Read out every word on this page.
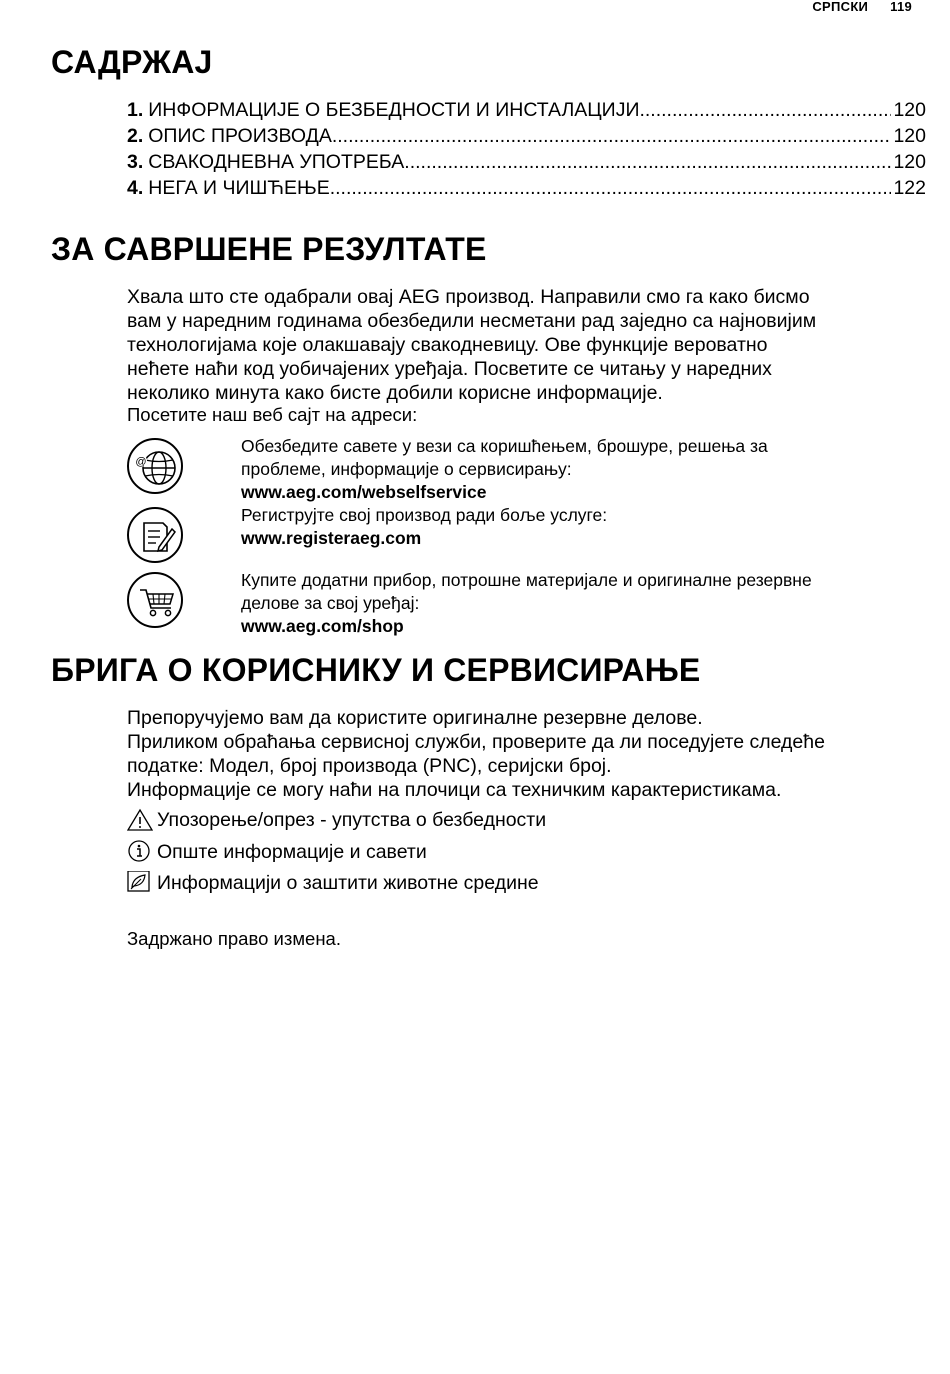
СРПСКИ 119
САДРЖАЈ
1. ИНФОРМАЦИЈЕ О БЕЗБЕДНОСТИ И ИНСТАЛАЦИЈИ .....	120
2. ОПИС ПРОИЗВОДА .....	120
3. СВАКОДНЕВНА УПОТРЕБА .....	120
4. НЕГА И ЧИШЋЕЊЕ .....	122
ЗА САВРШЕНЕ РЕЗУЛТАТЕ
Хвала што сте одабрали овај AEG производ. Направили смо га како бисмо
вам у наредним годинама обезбедили несметани рад заједно са најновијим
технологијама које олакшавају свакодневицу. Ове функције вероватно
нећете наћи код уобичајених уређаја. Посветите се читању у наредних
неколико минута како бисте добили корисне информације.
Посетите наш веб сајт на адреси:
@
Обезбедите савете у вези са коришћењем, брошуре, решења за
проблеме, информације о сервисирању:
www.aeg.com/webselfservice
Региструјте свој производ ради боље услуге:
www.registeraeg.com
Купите додатни прибор, потрошне материјале и оригиналне резервне
делове за свој уређај:
www.aeg.com/shop
БРИГА О КОРИСНИКУ И СЕРВИСИРАЊЕ
Препоручујемо вам да користите оригиналне резервне делове.
Приликом обраћања сервисној служби, проверите да ли поседујете следеће
податке: Модел, број производа (PNC), серијски број.
Информације се могу наћи на плочици са техничким карактеристикама.
Упозорење/опрез - упутства о безбедности
Опште информације и савети
Информацији о заштити животне средине
Задржано право измена.
